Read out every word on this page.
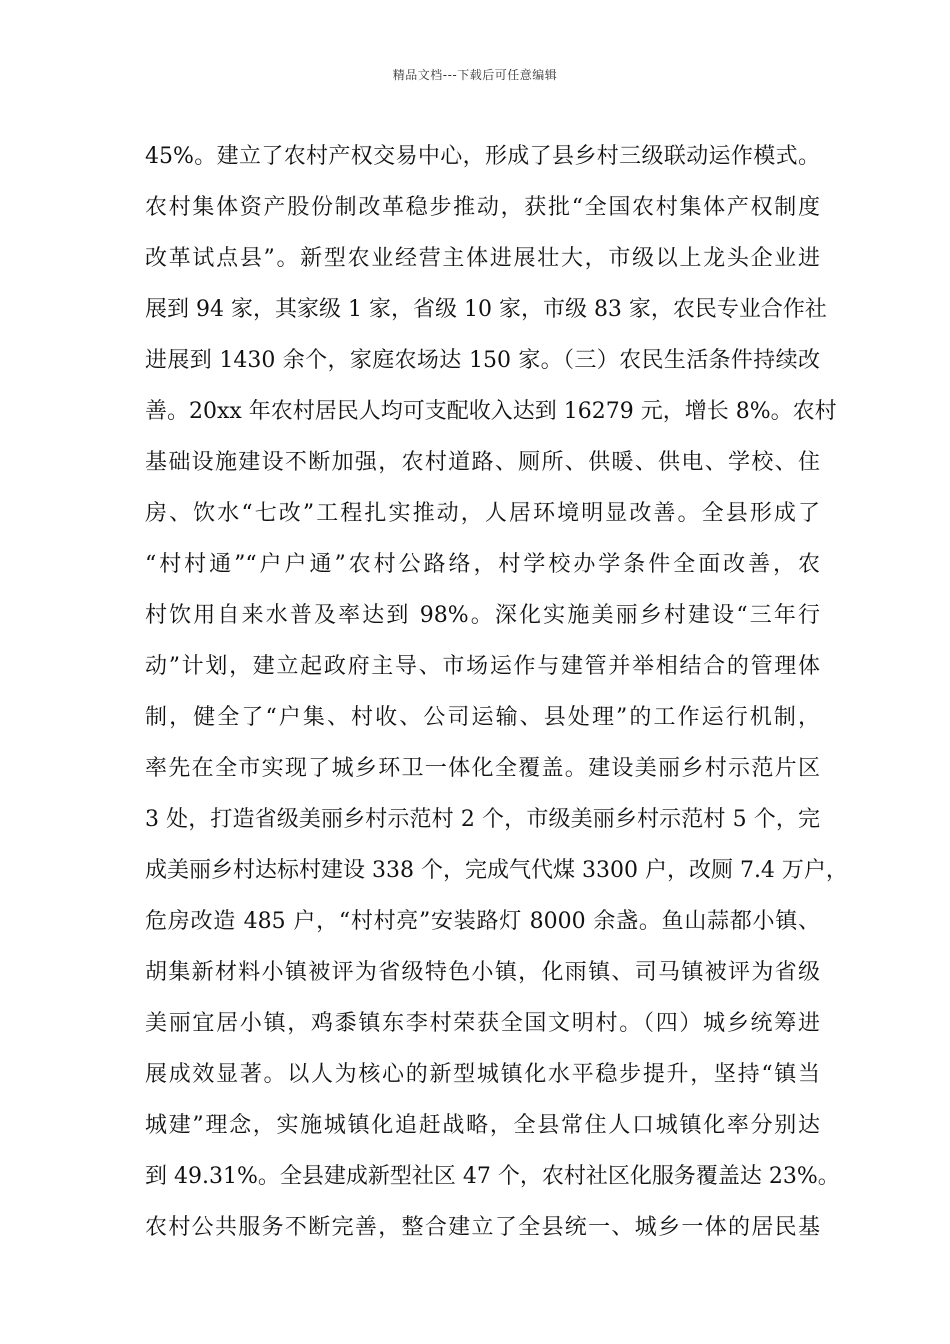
精品文档---下载后可任意编辑
45%。建立了农村产权交易中心，形成了县乡村三级联动运作模式。
农村集体资产股份制改革稳步推动，获批“全国农村集体产权制度
改革试点县”。新型农业经营主体进展壮大，市级以上龙头企业进
展到 94 家，其家级 1 家，省级 10 家，市级 83 家，农民专业合作社
进展到 1430 余个，家庭农场达 150 家。（三）农民生活条件持续改
善。20xx 年农村居民人均可支配收入达到 16279 元，增长 8%。农村
基础设施建设不断加强，农村道路、厕所、供暖、供电、学校、住
房、饮水“七改”工程扎实推动，人居环境明显改善。全县形成了
“村村通”“户户通”农村公路络，村学校办学条件全面改善，农
村饮用自来水普及率达到 98%。深化实施美丽乡村建设“三年行
动”计划，建立起政府主导、市场运作与建管并举相结合的管理体
制，健全了“户集、村收、公司运输、县处理”的工作运行机制，
率先在全市实现了城乡环卫一体化全覆盖。建设美丽乡村示范片区
3 处，打造省级美丽乡村示范村 2 个，市级美丽乡村示范村 5 个，完
成美丽乡村达标村建设 338 个，完成气代煤 3300 户，改厕 7.4 万户，
危房改造 485 户，“村村亮”安装路灯 8000 余盏。鱼山蒜都小镇、
胡集新材料小镇被评为省级特色小镇，化雨镇、司马镇被评为省级
美丽宜居小镇，鸡黍镇东李村荣获全国文明村。（四）城乡统筹进
展成效显著。以人为核心的新型城镇化水平稳步提升，坚持“镇当
城建”理念，实施城镇化追赶战略，全县常住人口城镇化率分别达
到 49.31%。全县建成新型社区 47 个，农村社区化服务覆盖达 23%。
农村公共服务不断完善，整合建立了全县统一、城乡一体的居民基
